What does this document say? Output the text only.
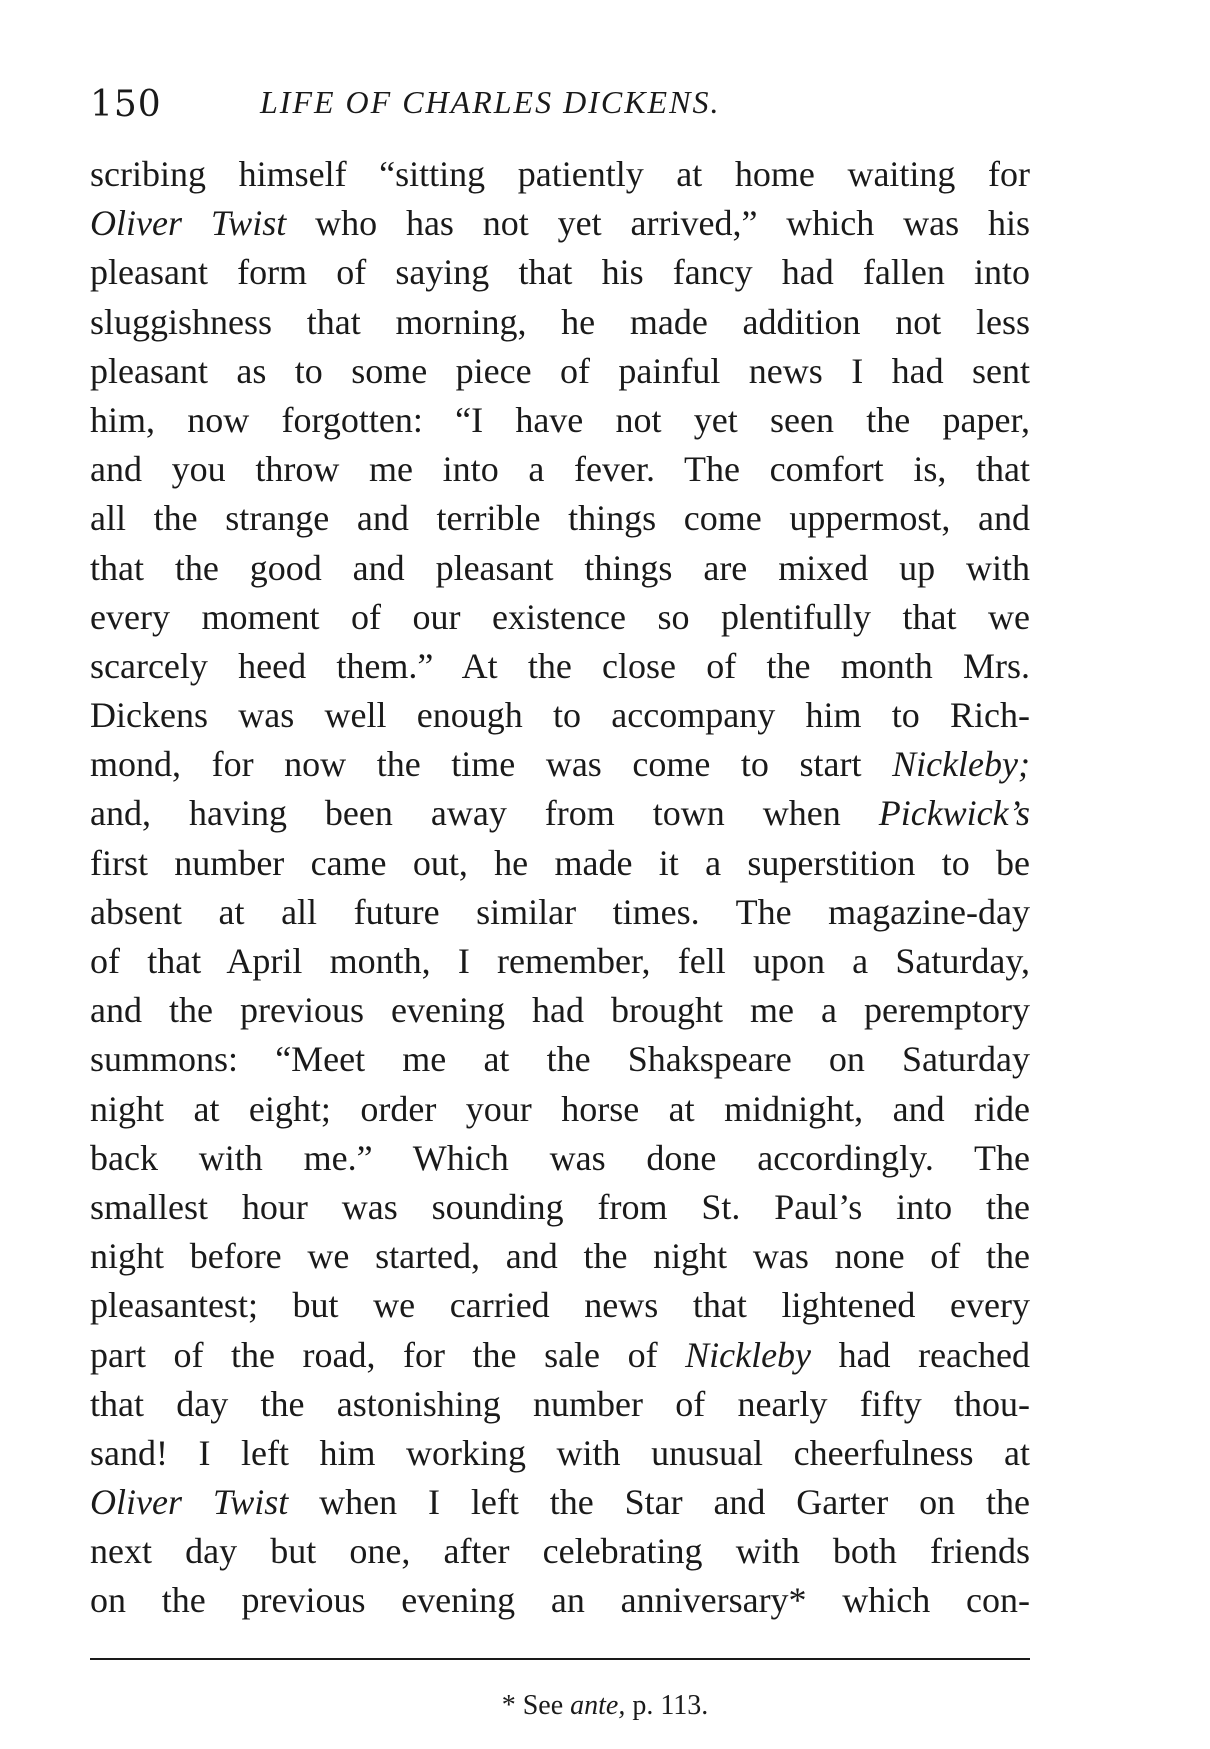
150	LIFE OF CHARLES DICKENS.
scribing himself “sitting patiently at home waiting for
Oliver Twist who has not yet arrived,” which was his
pleasant form of saying that his fancy had fallen into
sluggishness that morning, he made addition not less
pleasant as to some piece of painful news I had sent
him, now forgotten: “I have not yet seen the paper,
and you throw me into a fever. The comfort is, that
all the strange and terrible things come uppermost, and
that the good and pleasant things are mixed up with
every moment of our existence so plentifully that we
scarcely heed them.” At the close of the month Mrs.
Dickens was well enough to accompany him to Rich-
mond, for now the time was come to start Nickleby;
and, having been away from town when Pickwick’s
first number came out, he made it a superstition to be
absent at all future similar times. The magazine-day
of that April month, I remember, fell upon a Saturday,
and the previous evening had brought me a peremptory
summons: “Meet me at the Shakspeare on Saturday
night at eight; order your horse at midnight, and ride
back with me.” Which was done accordingly. The
smallest hour was sounding from St. Paul’s into the
night before we started, and the night was none of the
pleasantest; but we carried news that lightened every
part of the road, for the sale of Nickleby had reached
that day the astonishing number of nearly fifty thou-
sand! I left him working with unusual cheerfulness at
Oliver Twist when I left the Star and Garter on the
next day but one, after celebrating with both friends
on the previous evening an anniversary* which con-
* See ante, p. 113.
